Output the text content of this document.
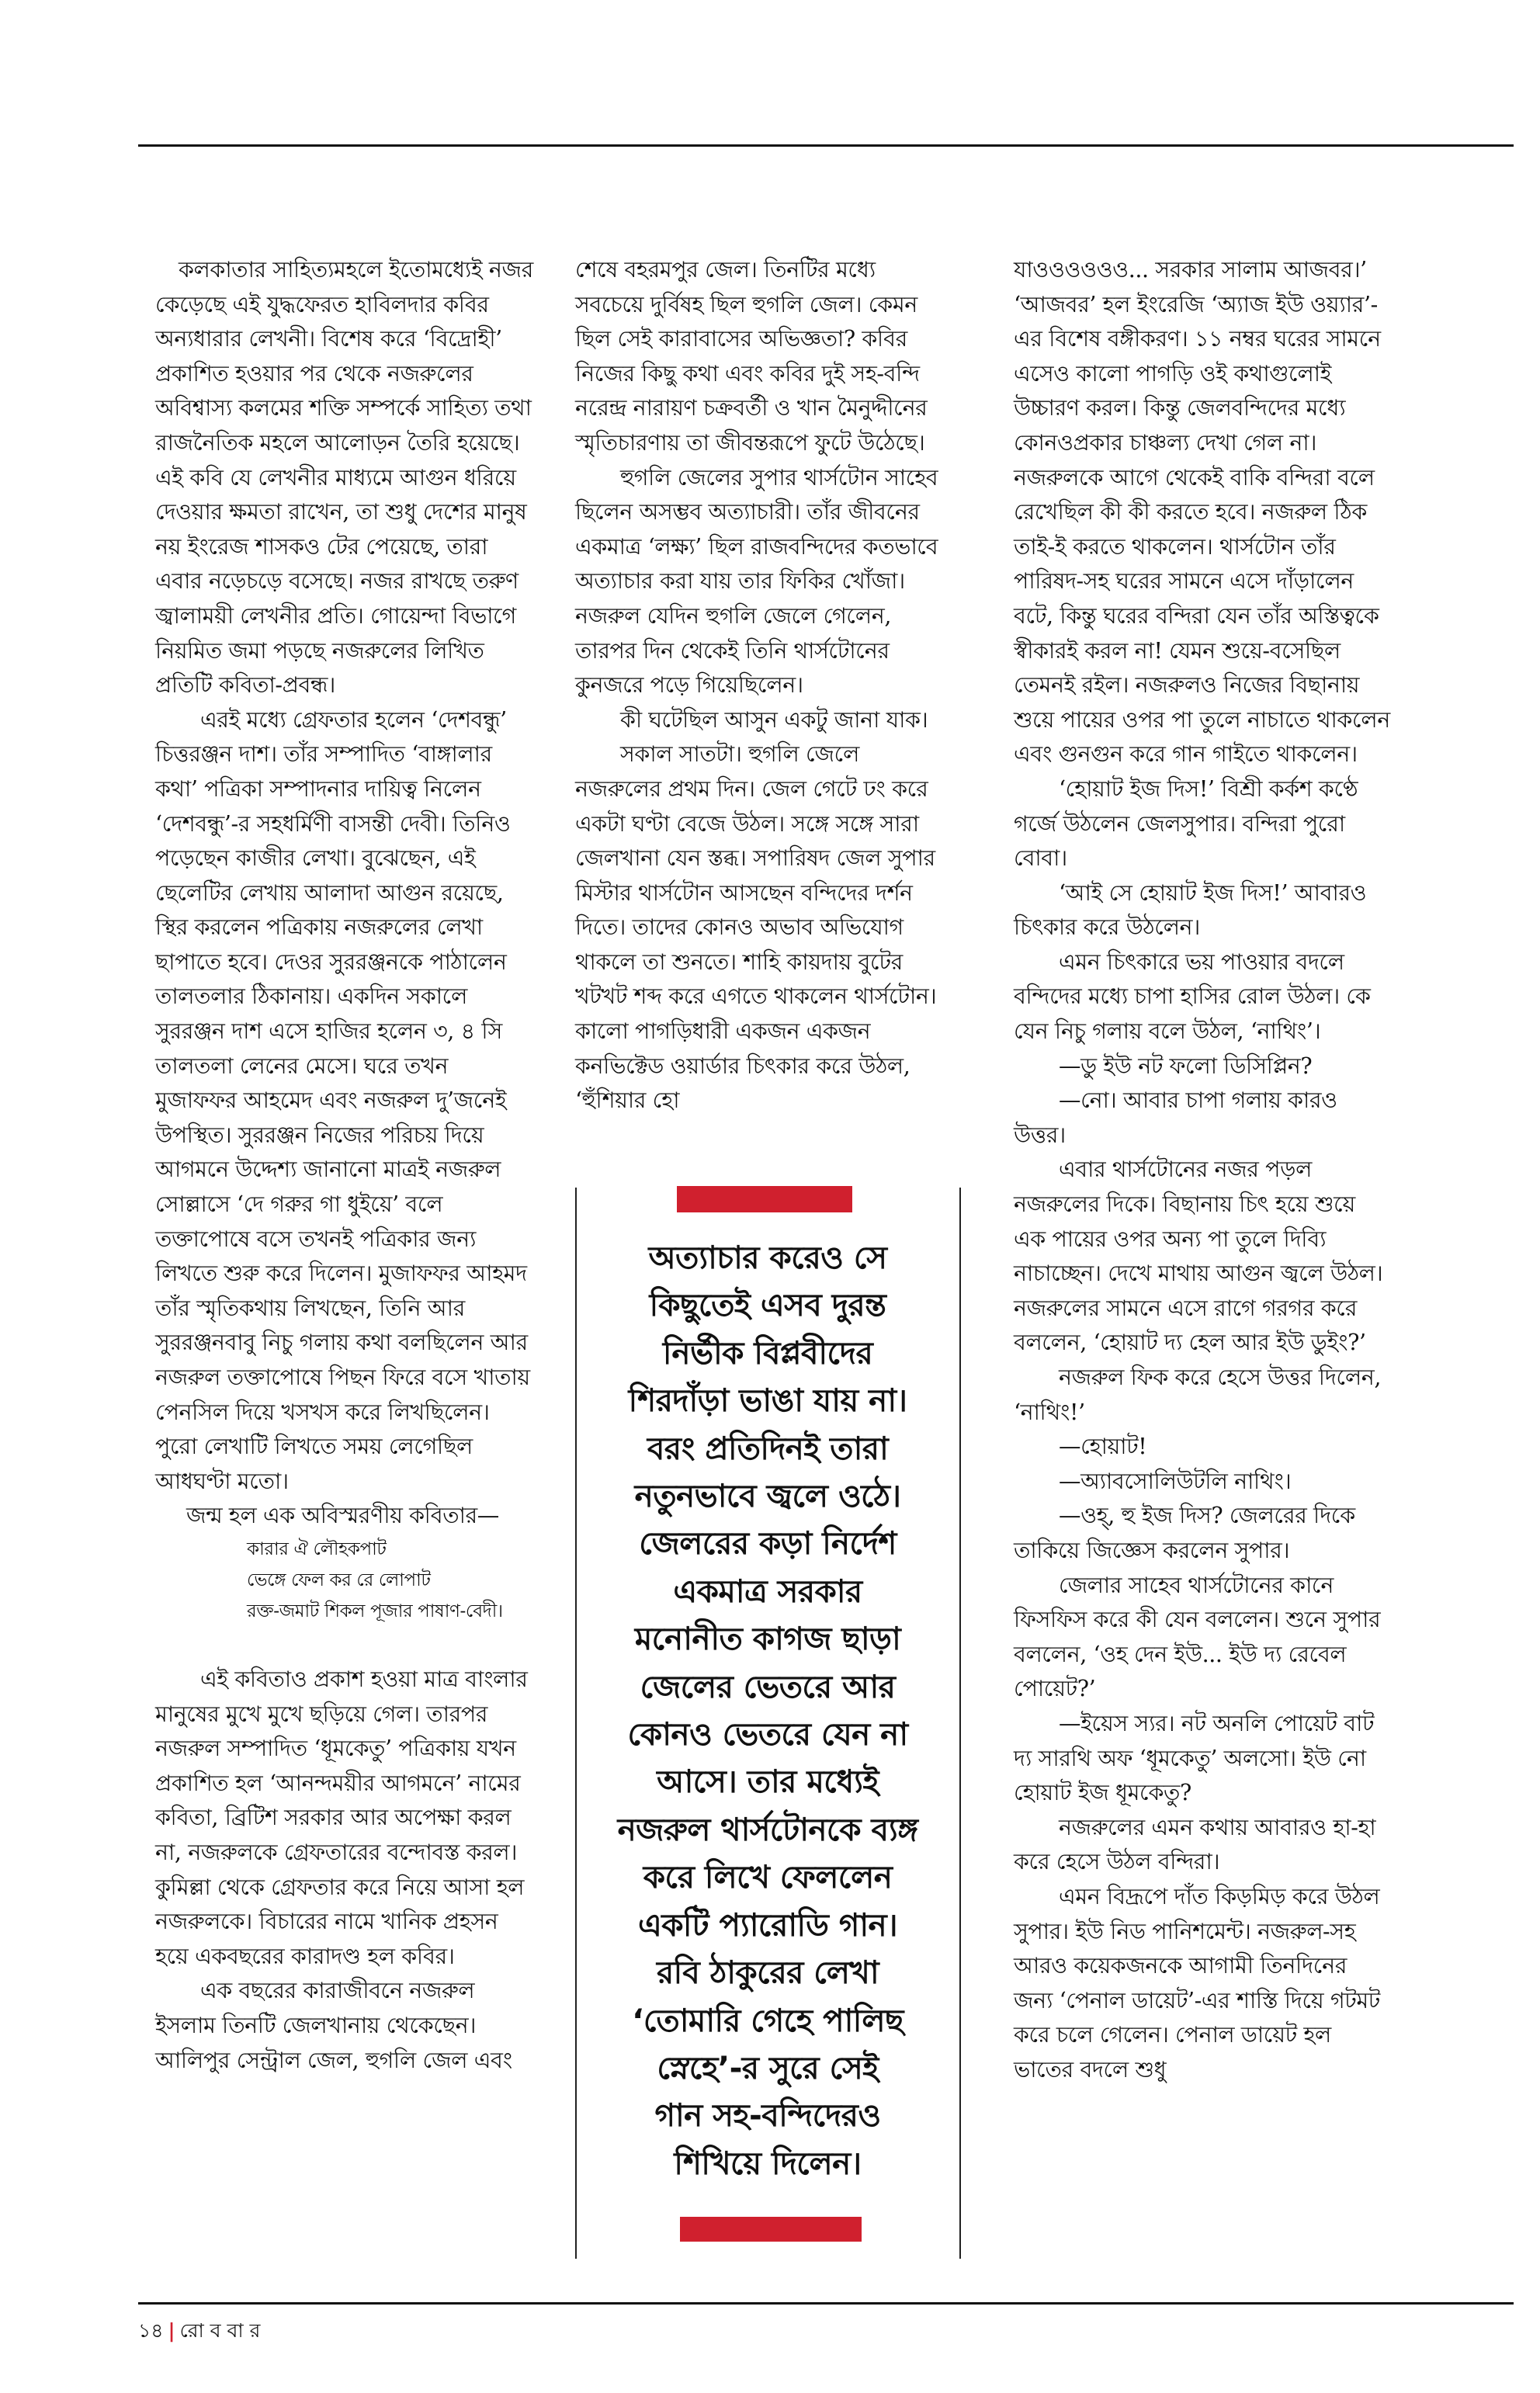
কলকাতার সাহিত্যমহলে ইতোমধ্যেই নজর কেড়েছে এই যুদ্ধফেরত হাবিলদার কবির অন্যধারার লেখনী। বিশেষ করে ‘বিদ্রোহী’ প্রকাশিত হওয়ার পর থেকে নজরুলের অবিশ্বাস্য কলমের শক্তি সম্পর্কে সাহিত্য তথা রাজনৈতিক মহলে আলোড়ন তৈরি হয়েছে। এই কবি যে লেখনীর মাধ্যমে আগুন ধরিয়ে দেওয়ার ক্ষমতা রাখেন, তা শুধু দেশের মানুষ নয় ইংরেজ শাসকও টের পেয়েছে, তারা এবার নড়েচড়ে বসেছে। নজর রাখছে তরুণ জ্বালাময়ী লেখনীর প্রতি। গোয়েন্দা বিভাগে নিয়মিত জমা পড়ছে নজরুলের লিখিত প্রতিটি কবিতা-প্রবন্ধ।

এরই মধ্যে গ্রেফতার হলেন ‘দেশবন্ধু’ চিত্তরঞ্জন দাশ। তাঁর সম্পাদিত ‘বাঙ্গালার কথা’ পত্রিকা সম্পাদনার দায়িত্ব নিলেন ‘দেশবন্ধু’-র সহধর্মিণী বাসন্তী দেবী। তিনিও পড়েছেন কাজীর লেখা। বুঝেছেন, এই ছেলেটির লেখায় আলাদা আগুন রয়েছে, স্থির করলেন পত্রিকায় নজরুলের লেখা ছাপাতে হবে। দেওর সুররঞ্জনকে পাঠালেন তালতলার ঠিকানায়। একদিন সকালে সুররঞ্জন দাশ এসে হাজির হলেন ৩, ৪ সি তালতলা লেনের মেসে। ঘরে তখন মুজাফফর আহমেদ এবং নজরুল দু’জনেই উপস্থিত। সুররঞ্জন নিজের পরিচয় দিয়ে আগমনে উদ্দেশ্য জানানো মাত্রই নজরুল সোল্লাসে ‘দে গরুর গা ধুইয়ে’ বলে তক্তাপোষে বসে তখনই পত্রিকার জন্য লিখতে শুরু করে দিলেন। মুজাফফর আহমদ তাঁর স্মৃতিকথায় লিখছেন, তিনি আর সুররঞ্জনবাবু নিচু গলায় কথা বলছিলেন আর নজরুল তক্তাপোষে পিছন ফিরে বসে খাতায় পেনসিল দিয়ে খসখস করে লিখছিলেন। পুরো লেখাটি লিখতে সময় লেগেছিল আধঘণ্টা মতো।

জন্ম হল এক অবিস্মরণীয় কবিতার—

কারার ঐ লৌহকপাট

ভেঙ্গে ফেল কর রে লোপাট

রক্ত-জমাট শিকল পূজার পাষাণ-বেদী।

এই কবিতাও প্রকাশ হওয়া মাত্র বাংলার মানুষের মুখে মুখে ছড়িয়ে গেল। তারপর নজরুল সম্পাদিত ‘ধূমকেতু’ পত্রিকায় যখন প্রকাশিত হল ‘আনন্দময়ীর আগমনে’ নামের কবিতা, ব্রিটিশ সরকার আর অপেক্ষা করল না, নজরুলকে গ্রেফতারের বন্দোবস্ত করল। কুমিল্লা থেকে গ্রেফতার করে নিয়ে আসা হল নজরুলকে। বিচারের নামে খানিক প্রহসন হয়ে একবছরের কারাদণ্ড হল কবির।

এক বছরের কারাজীবনে নজরুল ইসলাম তিনটি জেলখানায় থেকেছেন। আলিপুর সেন্ট্রাল জেল, হুগলি জেল এবং

শেষে বহরমপুর জেল। তিনটির মধ্যে সবচেয়ে দুর্বিষহ ছিল হুগলি জেল। কেমন ছিল সেই কারাবাসের অভিজ্ঞতা? কবির নিজের কিছু কথা এবং কবির দুই সহ-বন্দি নরেন্দ্র নারায়ণ চক্রবর্তী ও খান মৈনুদ্দীনের স্মৃতিচারণায় তা জীবন্তরূপে ফুটে উঠেছে।

হুগলি জেলের সুপার থার্সটোন সাহেব ছিলেন অসম্ভব অত্যাচারী। তাঁর জীবনের একমাত্র ‘লক্ষ্য’ ছিল রাজবন্দিদের কতভাবে অত্যাচার করা যায় তার ফিকির খোঁজা। নজরুল যেদিন হুগলি জেলে গেলেন, তারপর দিন থেকেই তিনি থার্সটোনের কুনজরে পড়ে গিয়েছিলেন।

কী ঘটেছিল আসুন একটু জানা যাক।

সকাল সাতটা। হুগলি জেলে নজরুলের প্রথম দিন। জেল গেটে ঢং করে একটা ঘণ্টা বেজে উঠল। সঙ্গে সঙ্গে সারা জেলখানা যেন স্তব্ধ। সপারিষদ জেল সুপার মিস্টার থার্সটোন আসছেন বন্দিদের দর্শন দিতে। তাদের কোনও অভাব অভিযোগ থাকলে তা শুনতে। শাহি কায়দায় বুটের খটখট শব্দ করে এগতে থাকলেন থার্সটোন। কালো পাগড়িধারী একজন একজন কনভিক্টেড ওয়ার্ডার চিৎকার করে উঠল, ‘হুঁশিয়ার হো

অত্যাচার করেও সে
কিছুতেই এসব দুরন্ত
নির্ভীক বিপ্লবীদের
শিরদাঁড়া ভাঙা যায় না।
বরং প্রতিদিনই তারা
নতুনভাবে জ্বলে ওঠে।
জেলরের কড়া নির্দেশ
একমাত্র সরকার
মনোনীত কাগজ ছাড়া
জেলের ভেতরে আর
কোনও ভেতরে যেন না
আসে। তার মধ্যেই
নজরুল থার্সটোনকে ব্যঙ্গ
করে লিখে ফেললেন
একটি প্যারোডি গান।
রবি ঠাকুরের লেখা
‘তোমারি গেহে পালিছ
স্নেহে’-র সুরে সেই
গান সহ-বন্দিদেরও
শিখিয়ে দিলেন।

যাওওওওওও... সরকার সালাম আজবর।’ ‘আজবর’ হল ইংরেজি ‘অ্যাজ ইউ ওয়্যার’-এর বিশেষ বঙ্গীকরণ। ১১ নম্বর ঘরের সামনে এসেও কালো পাগড়ি ওই কথাগুলোই উচ্চারণ করল। কিন্তু জেলবন্দিদের মধ্যে কোনওপ্রকার চাঞ্চল্য দেখা গেল না। নজরুলকে আগে থেকেই বাকি বন্দিরা বলে রেখেছিল কী কী করতে হবে। নজরুল ঠিক তাই-ই করতে থাকলেন। থার্সটোন তাঁর পারিষদ-সহ ঘরের সামনে এসে দাঁড়ালেন বটে, কিন্তু ঘরের বন্দিরা যেন তাঁর অস্তিত্বকে স্বীকারই করল না! যেমন শুয়ে-বসেছিল তেমনই রইল। নজরুলও নিজের বিছানায় শুয়ে পায়ের ওপর পা তুলে নাচাতে থাকলেন এবং গুনগুন করে গান গাইতে থাকলেন।

‘হোয়াট ইজ দিস!’ বিশ্রী কর্কশ কণ্ঠে গর্জে উঠলেন জেলসুপার। বন্দিরা পুরো বোবা।

‘আই সে হোয়াট ইজ দিস!’ আবারও চিৎকার করে উঠলেন।

এমন চিৎকারে ভয় পাওয়ার বদলে বন্দিদের মধ্যে চাপা হাসির রোল উঠল। কে যেন নিচু গলায় বলে উঠল, ‘নাথিং’।

—ডু ইউ নট ফলো ডিসিপ্লিন?

—নো। আবার চাপা গলায় কারও উত্তর।

এবার থার্সটোনের নজর পড়ল নজরুলের দিকে। বিছানায় চিৎ হয়ে শুয়ে এক পায়ের ওপর অন্য পা তুলে দিব্যি নাচাচ্ছেন। দেখে মাথায় আগুন জ্বলে উঠল। নজরুলের সামনে এসে রাগে গরগর করে বললেন, ‘হোয়াট দ্য হেল আর ইউ ডুইং?’

নজরুল ফিক করে হেসে উত্তর দিলেন, ‘নাথিং!’

—হোয়াট!

—অ্যাবসোলিউটলি নাথিং।

—ওহ্, হু ইজ দিস? জেলরের দিকে তাকিয়ে জিজ্ঞেস করলেন সুপার।

জেলার সাহেব থার্সটোনের কানে ফিসফিস করে কী যেন বললেন। শুনে সুপার বললেন, ‘ওহ দেন ইউ... ইউ দ্য রেবেল পোয়েট?’

—ইয়েস স্যর। নট অনলি পোয়েট বাট দ্য সারথি অফ ‘ধূমকেতু’ অলসো। ইউ নো হোয়াট ইজ ধূমকেতু?

নজরুলের এমন কথায় আবারও হা-হা করে হেসে উঠল বন্দিরা।

এমন বিদ্রূপে দাঁত কিড়মিড় করে উঠল সুপার। ইউ নিড পানিশমেন্ট। নজরুল-সহ আরও কয়েকজনকে আগামী তিনদিনের জন্য ‘পেনাল ডায়েট’-এর শাস্তি দিয়ে গটমট করে চলে গেলেন। পেনাল ডায়েট হল ভাতের বদলে শুধু

১৪ | রো ব বা র
